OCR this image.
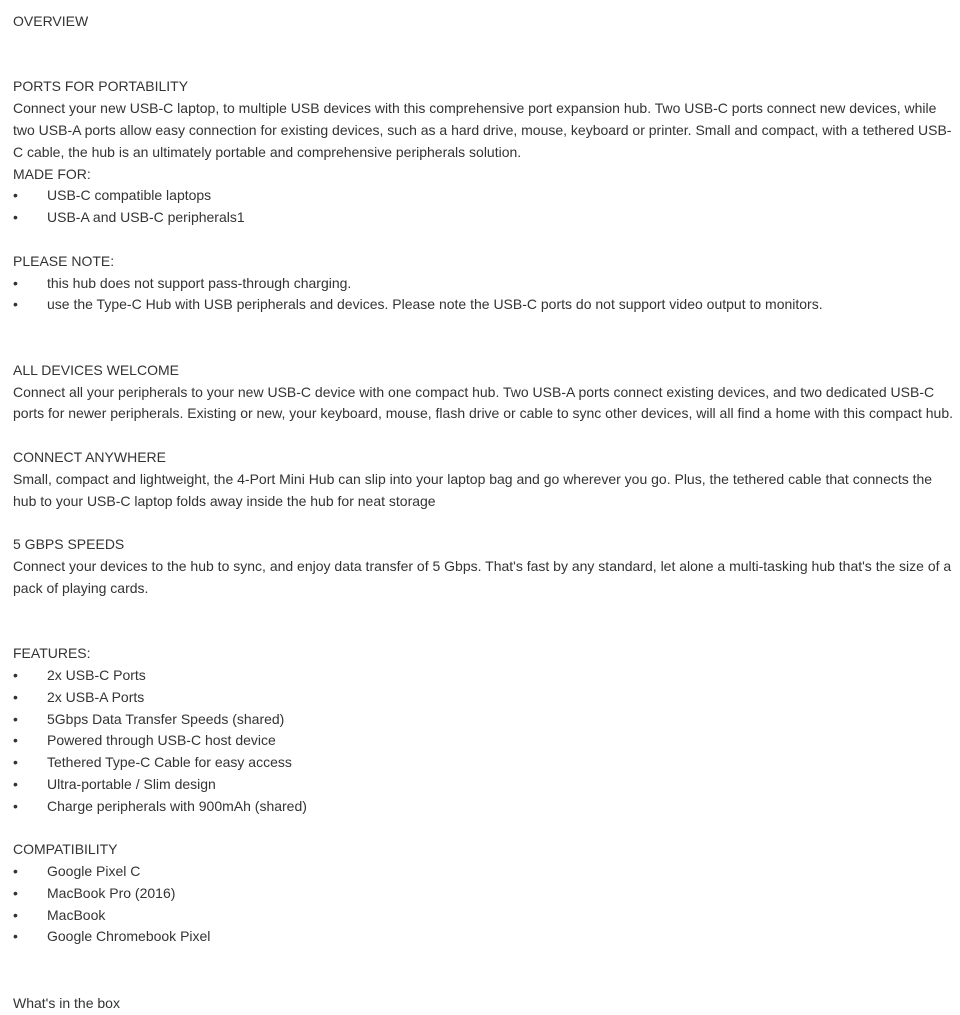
OVERVIEW

PORTS FOR PORTABILITY

Connect your new USB-C laptop, to multiple USB devices with this comprehensive port expansion hub. Two USB-C ports connect new devices, while two USB-A ports allow easy connection for existing devices, such as a hard drive, mouse, keyboard or printer. Small and compact, with a tethered USB-C cable, the hub is an ultimately portable and comprehensive peripherals solution.

MADE FOR:

• USB-C compatible laptops
• USB-A and USB-C peripherals1

PLEASE NOTE:

• this hub does not support pass-through charging.
• use the Type-C Hub with USB peripherals and devices. Please note the USB-C ports do not support video output to monitors.

ALL DEVICES WELCOME

Connect all your peripherals to your new USB-C device with one compact hub. Two USB-A ports connect existing devices, and two dedicated USB-C ports for newer peripherals. Existing or new, your keyboard, mouse, flash drive or cable to sync other devices, will all find a home with this compact hub.

CONNECT ANYWHERE

Small, compact and lightweight, the 4-Port Mini Hub can slip into your laptop bag and go wherever you go. Plus, the tethered cable that connects the hub to your USB-C laptop folds away inside the hub for neat storage

5 GBPS SPEEDS

Connect your devices to the hub to sync, and enjoy data transfer of 5 Gbps. That's fast by any standard, let alone a multi-tasking hub that's the size of a pack of playing cards.

FEATURES:

• 2x USB-C Ports
• 2x USB-A Ports
• 5Gbps Data Transfer Speeds (shared)
• Powered through USB-C host device
• Tethered Type-C Cable for easy access
• Ultra-portable / Slim design
• Charge peripherals with 900mAh (shared)

COMPATIBILITY

• Google Pixel C
• MacBook Pro (2016)
• MacBook
• Google Chromebook Pixel
What's in the box
